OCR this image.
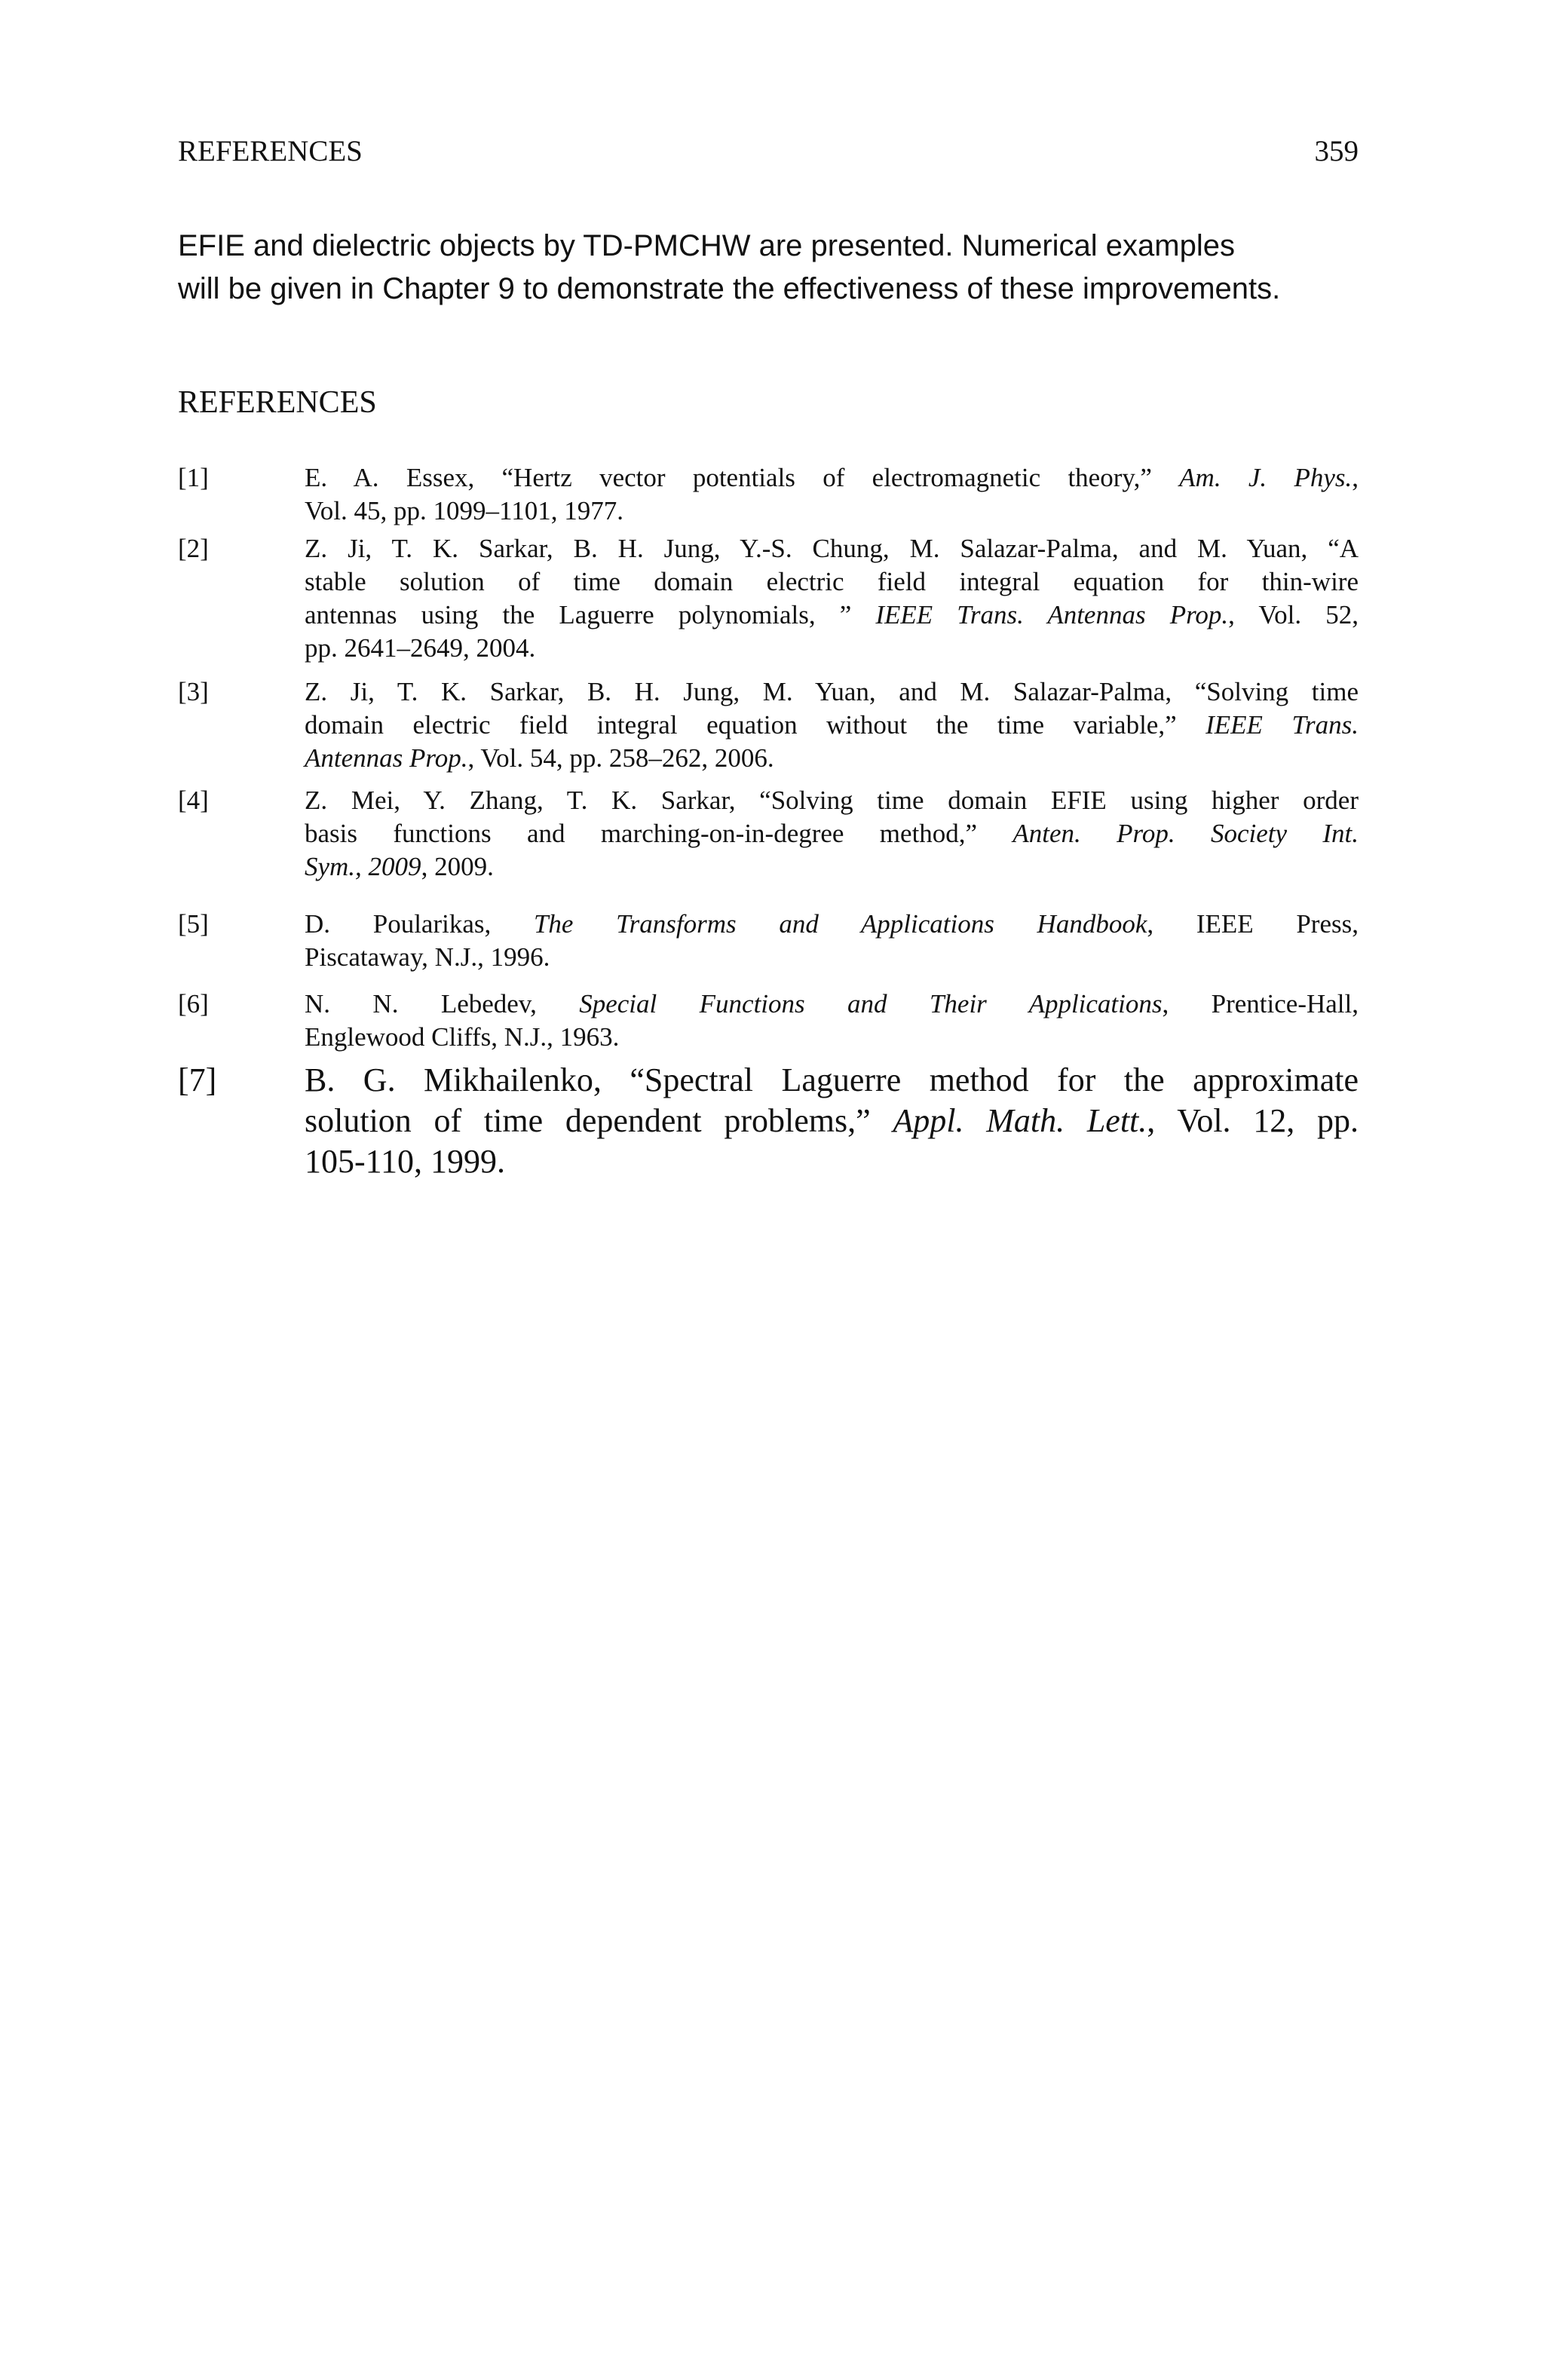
REFERENCES	359

EFIE and dielectric objects by TD-PMCHW are presented. Numerical examples
will be given in Chapter 9 to demonstrate the effectiveness of these improvements.

REFERENCES
[1]	E. A. Essex, “Hertz vector potentials of electromagnetic theory,” Am. J. Phys.,
Vol. 45, pp. 1099–1101, 1977.
[2]	Z. Ji, T. K. Sarkar, B. H. Jung, Y.-S. Chung, M. Salazar-Palma, and M. Yuan, “A
stable solution of time domain electric field integral equation for thin-wire
antennas using the Laguerre polynomials, ” IEEE Trans. Antennas Prop., Vol. 52,
pp. 2641–2649, 2004.
[3]	Z. Ji, T. K. Sarkar, B. H. Jung, M. Yuan, and M. Salazar-Palma, “Solving time
domain electric field integral equation without the time variable,” IEEE Trans.
Antennas Prop., Vol. 54, pp. 258–262, 2006.
[4]	Z. Mei, Y. Zhang, T. K. Sarkar, “Solving time domain EFIE using higher order
basis functions and marching-on-in-degree method,” Anten. Prop. Society Int.
Sym., 2009, 2009.
[5]	D. Poularikas, The Transforms and Applications Handbook, IEEE Press,
Piscataway, N.J., 1996.
[6]	N. N. Lebedev, Special Functions and Their Applications, Prentice-Hall,
Englewood Cliffs, N.J., 1963.
[7]	B. G. Mikhailenko, “Spectral Laguerre method for the approximate
solution of time dependent problems,” Appl. Math. Lett., Vol. 12, pp.
105-110, 1999.
